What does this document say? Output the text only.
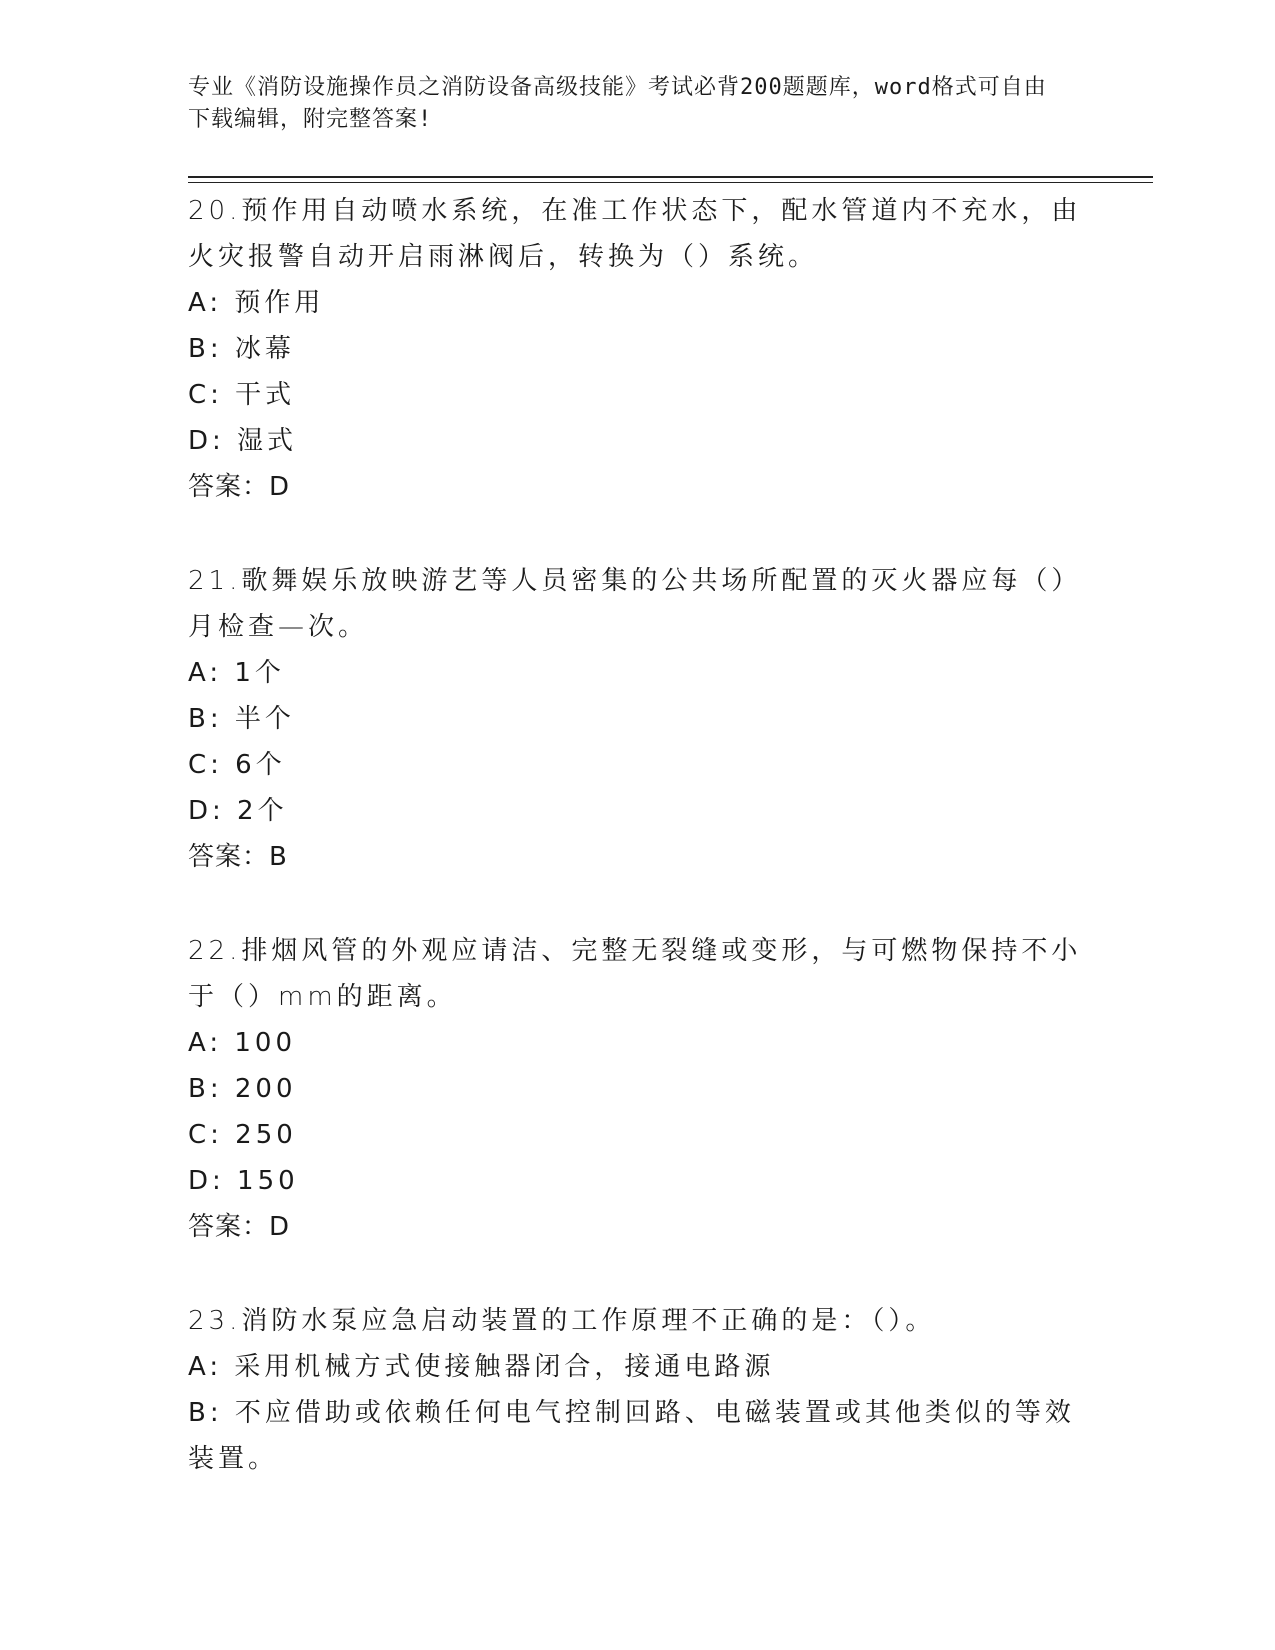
专业《消防设施操作员之消防设备高级技能》考试必背200题题库，word格式可自由下载编辑，附完整答案!

20.预作用自动喷水系统，在准工作状态下，配水管道内不充水，由火灾报警自动开启雨淋阀后，转换为（）系统。

A: 预作用

B: 冰幕

C: 干式

D: 湿式

答案：D

21.歌舞娱乐放映游艺等人员密集的公共场所配置的灭火器应每（）月检查—次。

A: 1个

B: 半个

C: 6个

D: 2个

答案：B

22.排烟风管的外观应请洁、完整无裂缝或变形，与可燃物保持不小于（）mm的距离。

A: 100

B: 200

C: 250

D: 150

答案：D

23.消防水泵应急启动装置的工作原理不正确的是：（）。

A: 采用机械方式使接触器闭合，接通电路源

B: 不应借助或依赖任何电气控制回路、电磁装置或其他类似的等效装置。
